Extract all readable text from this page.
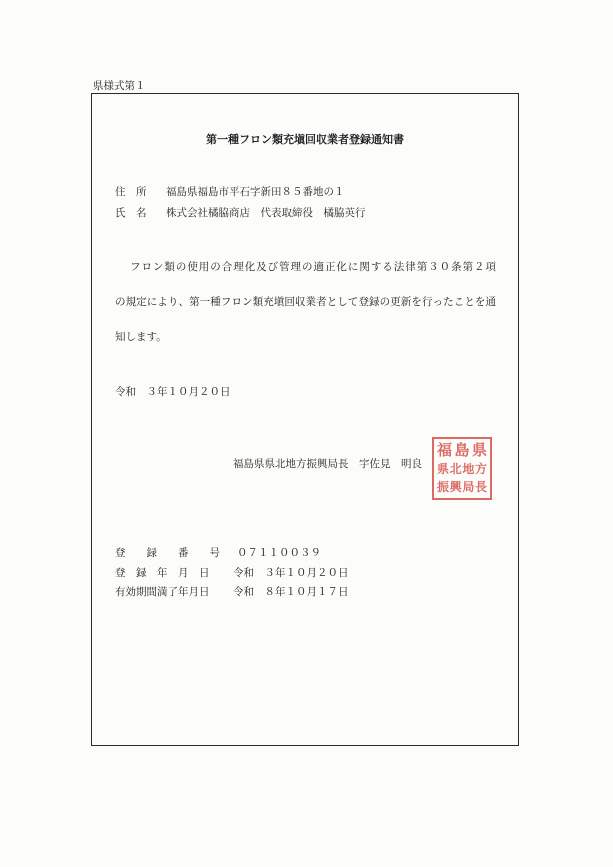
県様式第１
第一種フロン類充塡回収業者登録通知書
住　所 福島県福島市平石字新田８５番地の１
氏　名 株式会社橘脇商店　代表取締役　橘脇英行
フロン類の使用の合理化及び管理の適正化に関する法律第３０条第２項
の規定により、第一種フロン類充塡回収業者として登録の更新を行ったことを通
知します。
令和　３年１０月２０日
福島県県北地方振興局長　宇佐見　明良
福島県
県北地方
振興局長
登　　録　　番　　号 ０７１１００３９
登　録　年　月　日 令和　３年１０月２０日
有効期間満了年月日 令和　８年１０月１７日
